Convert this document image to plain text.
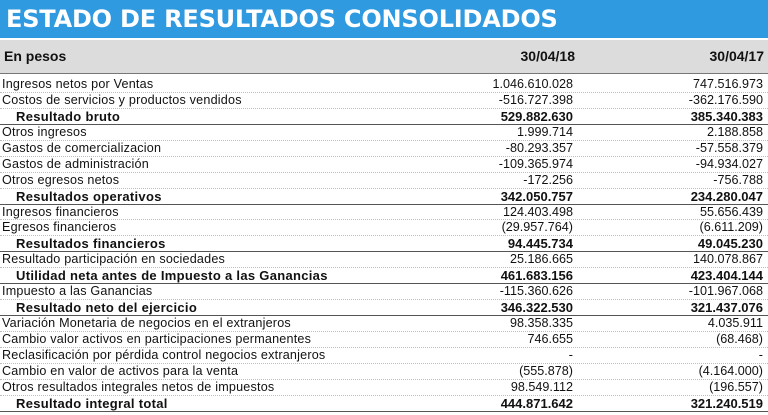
ESTADO DE RESULTADOS CONSOLIDADOS
En pesos	30/04/18	30/04/17
Ingresos netos por Ventas	1.046.610.028	747.516.973
Costos de servicios y productos vendidos	-516.727.398	-362.176.590
Resultado bruto	529.882.630	385.340.383
Otros ingresos	1.999.714	2.188.858
Gastos de comercializacion	-80.293.357	-57.558.379
Gastos de administración	-109.365.974	-94.934.027
Otros egresos netos	-172.256	-756.788
Resultados operativos	342.050.757	234.280.047
Ingresos financieros	124.403.498	55.656.439
Egresos financieros	(29.957.764)	(6.611.209)
Resultados financieros	94.445.734	49.045.230
Resultado participación en sociedades	25.186.665	140.078.867
Utilidad neta antes de Impuesto a las Ganancias	461.683.156	423.404.144
Impuesto a las Ganancias	-115.360.626	-101.967.068
Resultado neto del ejercicio	346.322.530	321.437.076
Variación Monetaria de negocios en el extranjeros	98.358.335	4.035.911
Cambio valor activos en participaciones permanentes	746.655	(68.468)
Reclasificación por pérdida control negocios extranjeros	-	-
Cambio en valor de activos para la venta	(555.878)	(4.164.000)
Otros resultados integrales netos de impuestos	98.549.112	(196.557)
Resultado integral total	444.871.642	321.240.519
